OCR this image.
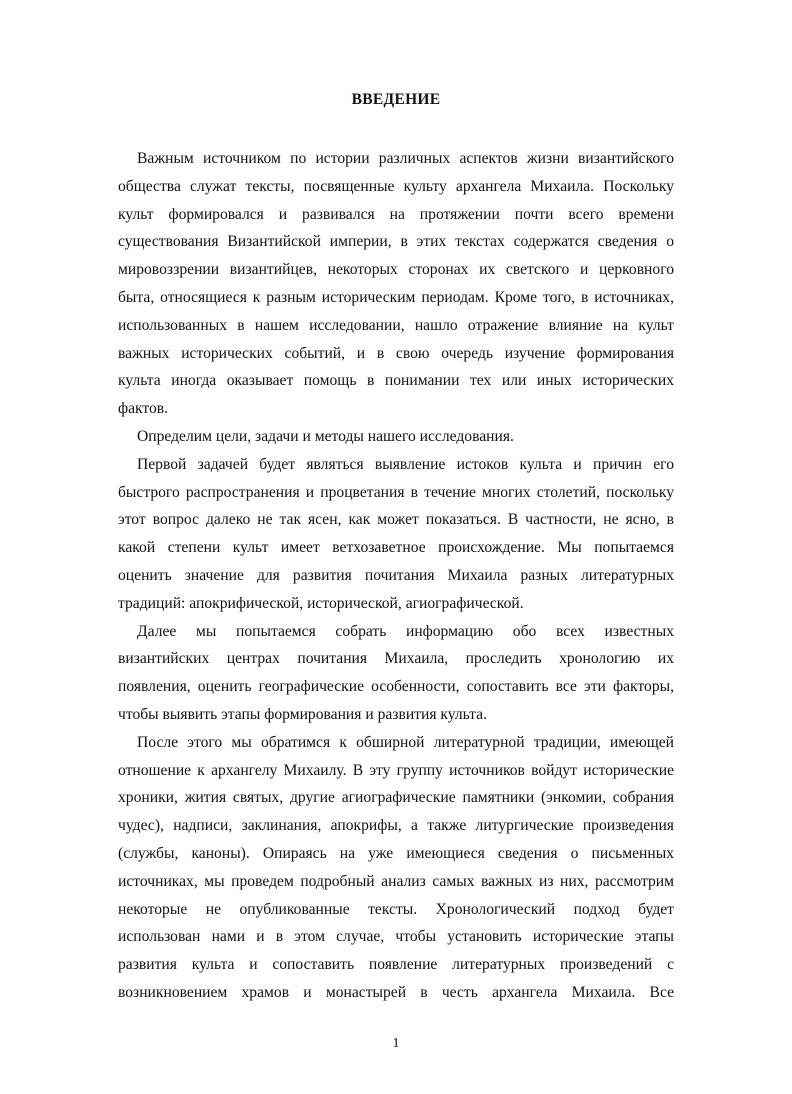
ВВЕДЕНИЕ

Важным источником по истории различных аспектов жизни византийского
общества служат тексты, посвященные культу архангела Михаила. Поскольку
культ формировался и развивался на протяжении почти всего времени
существования Византийской империи, в этих текстах содержатся сведения о
мировоззрении византийцев, некоторых сторонах их светского и церковного
быта, относящиеся к разным историческим периодам. Кроме того, в источниках,
использованных в нашем исследовании, нашло отражение влияние на культ
важных исторических событий, и в свою очередь изучение формирования
культа иногда оказывает помощь в понимании тех или иных исторических
фактов.

Определим цели, задачи и методы нашего исследования.

Первой задачей будет являться выявление истоков культа и причин его
быстрого распространения и процветания в течение многих столетий, поскольку
этот вопрос далеко не так ясен, как может показаться. В частности, не ясно, в
какой степени культ имеет ветхозаветное происхождение. Мы попытаемся
оценить значение для развития почитания Михаила разных литературных
традиций: апокрифической, исторической, агиографической.

Далее мы попытаемся собрать информацию обо всех известных
византийских центрах почитания Михаила, проследить хронологию их
появления, оценить географические особенности, сопоставить все эти факторы,
чтобы выявить этапы формирования и развития культа.

После этого мы обратимся к обширной литературной традиции, имеющей
отношение к архангелу Михаилу. В эту группу источников войдут исторические
хроники, жития святых, другие агиографические памятники (энкомии, собрания
чудес), надписи, заклинания, апокрифы, а также литургические произведения
(службы, каноны). Опираясь на уже имеющиеся сведения о письменных
источниках, мы проведем подробный анализ самых важных из них, рассмотрим
некоторые не опубликованные тексты. Хронологический подход будет
использован нами и в этом случае, чтобы установить исторические этапы
развития культа и сопоставить появление литературных произведений с
возникновением храмов и монастырей в честь архангела Михаила. Все

1
